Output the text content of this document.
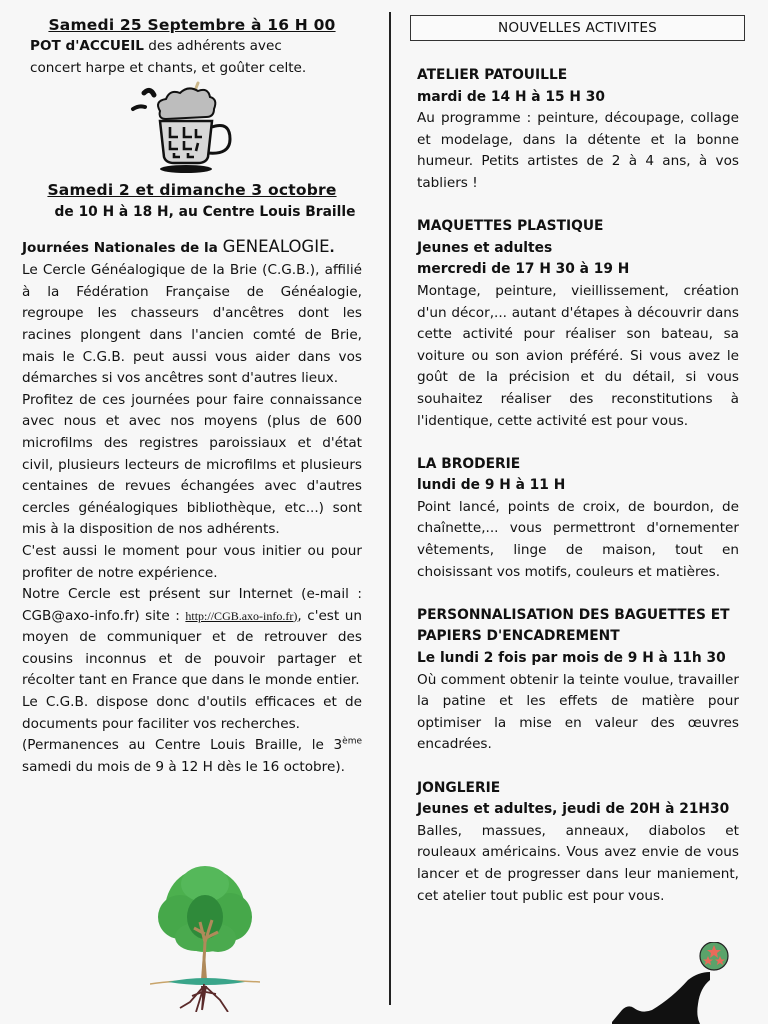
Samedi 25 Septembre à 16 H 00
POT d'ACCUEIL des adhérents avec
concert harpe et chants, et goûter celte.
Samedi 2 et dimanche 3 octobre
de 10 H à 18 H, au Centre Louis Braille
Journées Nationales de la GENEALOGIE.
Le Cercle Généalogique de la Brie (C.G.B.), affilié à la Fédération Française de Généalogie, regroupe les chasseurs d'ancêtres dont les racines plongent dans l'ancien comté de Brie, mais le C.G.B. peut aussi vous aider dans vos démarches si vos ancêtres sont d'autres lieux.
Profitez de ces journées pour faire connaissance avec nous et avec nos moyens (plus de 600 microfilms des registres paroissiaux et d'état civil, plusieurs lecteurs de microfilms et plusieurs centaines de revues échangées avec d'autres cercles généalogiques bibliothèque, etc...) sont mis à la disposition de nos adhérents.
C'est aussi le moment pour vous initier ou pour profiter de notre expérience.
Notre Cercle est présent sur Internet (e-mail : CGB@axo-info.fr) site : http://CGB.axo-info.fr), c'est un moyen de communiquer et de retrouver des cousins inconnus et de pouvoir partager et récolter tant en France que dans le monde entier.
Le C.G.B. dispose donc d'outils efficaces et de documents pour faciliter vos recherches.
(Permanences au Centre Louis Braille, le 3ème samedi du mois de 9 à 12 H dès le 16 octobre).
NOUVELLES ACTIVITES
ATELIER PATOUILLE
mardi de 14 H à 15 H 30
Au programme : peinture, découpage, collage et modelage, dans la détente et la bonne humeur. Petits artistes de 2 à 4 ans, à vos tabliers !
MAQUETTES PLASTIQUE
Jeunes et adultes
mercredi de 17 H 30 à 19 H
Montage, peinture, vieillissement, création d'un décor,... autant d'étapes à découvrir dans cette activité pour réaliser son bateau, sa voiture ou son avion préféré. Si vous avez le goût de la précision et du détail, si vous souhaitez réaliser des reconstitutions à l'identique, cette activité est pour vous.
LA BRODERIE
lundi de 9 H à 11 H
Point lancé, points de croix, de bourdon, de chaînette,... vous permettront d'ornementer vêtements, linge de maison, tout en choisissant vos motifs, couleurs et matières.
PERSONNALISATION DES BAGUETTES ET PAPIERS D'ENCADREMENT
Le lundi 2 fois par mois de 9 H à 11h 30
Où comment obtenir la teinte voulue, travailler la patine et les effets de matière pour optimiser la mise en valeur des œuvres encadrées.
JONGLERIE
Jeunes et adultes, jeudi de 20H à 21H30
Balles, massues, anneaux, diabolos et rouleaux américains. Vous avez envie de vous lancer et de progresser dans leur maniement, cet atelier tout public est pour vous.
